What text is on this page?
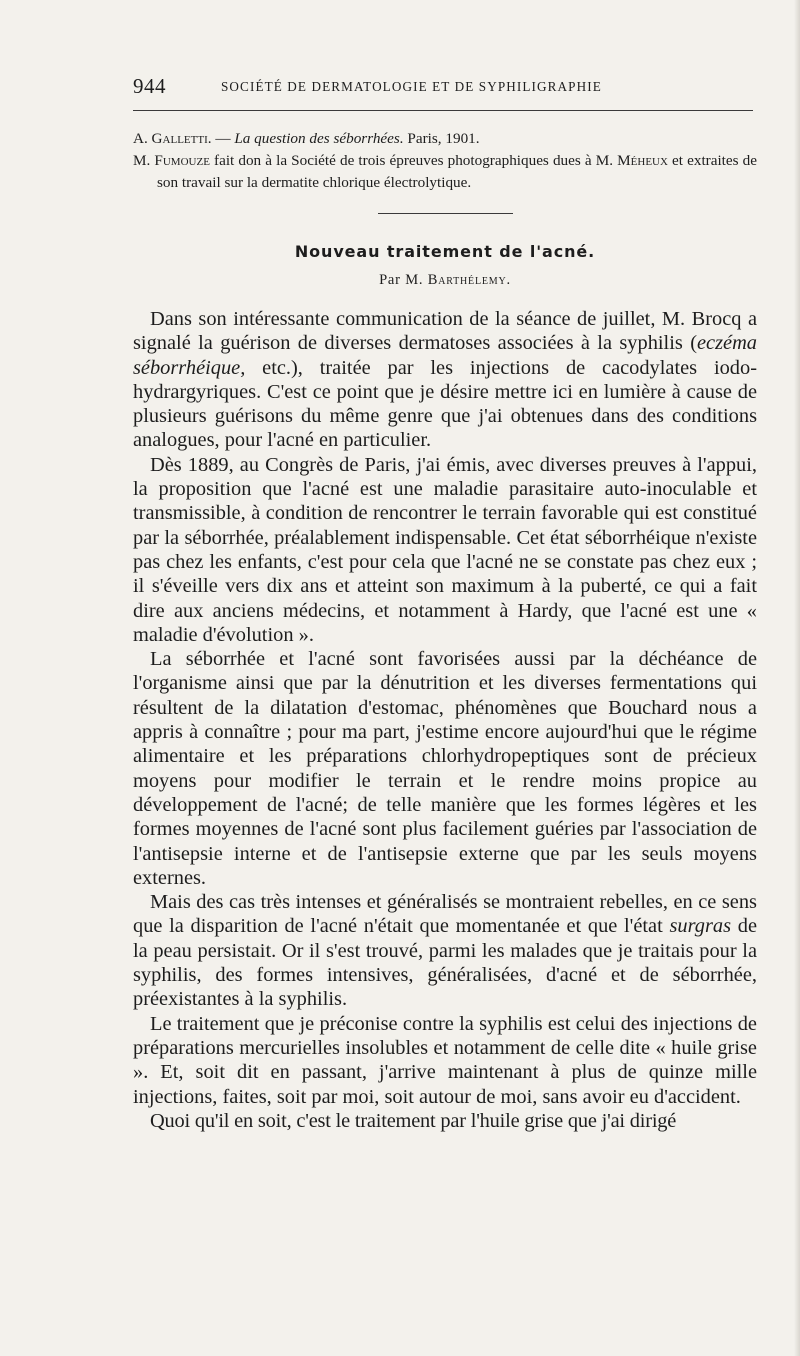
944	SOCIÉTÉ DE DERMATOLOGIE ET DE SYPHILIGRAPHIE

A. Galletti. — La question des séborrhées. Paris, 1901.

M. Fumouze fait don à la Société de trois épreuves photographiques dues à M. Méheux et extraites de son travail sur la dermatite chlorique électrolytique.

Nouveau traitement de l'acné.
Par M. Barthélemy.

Dans son intéressante communication de la séance de juillet, M. Brocq a signalé la guérison de diverses dermatoses associées à la syphilis (eczéma séborrhéique, etc.), traitée par les injections de cacodylates iodo-hydrargyriques. C'est ce point que je désire mettre ici en lumière à cause de plusieurs guérisons du même genre que j'ai obtenues dans des conditions analogues, pour l'acné en particulier.

Dès 1889, au Congrès de Paris, j'ai émis, avec diverses preuves à l'appui, la proposition que l'acné est une maladie parasitaire auto-inoculable et transmissible, à condition de rencontrer le terrain favorable qui est constitué par la séborrhée, préalablement indispensable. Cet état séborrhéique n'existe pas chez les enfants, c'est pour cela que l'acné ne se constate pas chez eux ; il s'éveille vers dix ans et atteint son maximum à la puberté, ce qui a fait dire aux anciens médecins, et notamment à Hardy, que l'acné est une « maladie d'évolution ».

La séborrhée et l'acné sont favorisées aussi par la déchéance de l'organisme ainsi que par la dénutrition et les diverses fermentations qui résultent de la dilatation d'estomac, phénomènes que Bouchard nous a appris à connaître ; pour ma part, j'estime encore aujourd'hui que le régime alimentaire et les préparations chlorhydropeptiques sont de précieux moyens pour modifier le terrain et le rendre moins propice au développement de l'acné; de telle manière que les formes légères et les formes moyennes de l'acné sont plus facilement guéries par l'association de l'antisepsie interne et de l'antisepsie externe que par les seuls moyens externes.

Mais des cas très intenses et généralisés se montraient rebelles, en ce sens que la disparition de l'acné n'était que momentanée et que l'état surgras de la peau persistait. Or il s'est trouvé, parmi les malades que je traitais pour la syphilis, des formes intensives, généralisées, d'acné et de séborrhée, préexistantes à la syphilis.

Le traitement que je préconise contre la syphilis est celui des injections de préparations mercurielles insolubles et notamment de celle dite « huile grise ». Et, soit dit en passant, j'arrive maintenant à plus de quinze mille injections, faites, soit par moi, soit autour de moi, sans avoir eu d'accident.

Quoi qu'il en soit, c'est le traitement par l'huile grise que j'ai dirigé
